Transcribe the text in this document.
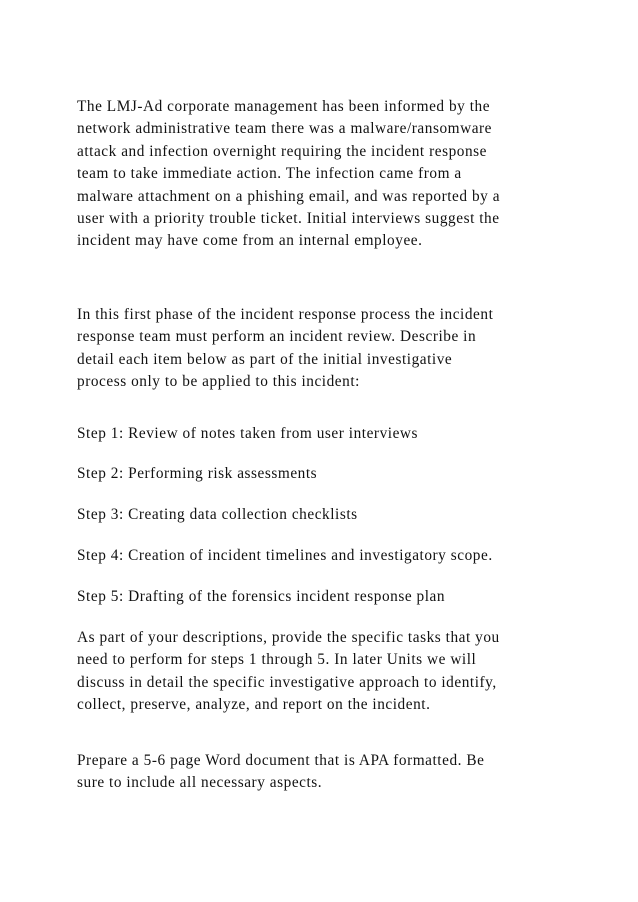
The LMJ-Ad corporate management has been informed by the
network administrative team there was a malware/ransomware
attack and infection overnight requiring the incident response
team to take immediate action. The infection came from a
malware attachment on a phishing email, and was reported by a
user with a priority trouble ticket. Initial interviews suggest the
incident may have come from an internal employee.

In this first phase of the incident response process the incident
response team must perform an incident review. Describe in
detail each item below as part of the initial investigative
process only to be applied to this incident:

Step 1: Review of notes taken from user interviews

Step 2: Performing risk assessments

Step 3: Creating data collection checklists

Step 4: Creation of incident timelines and investigatory scope.

Step 5: Drafting of the forensics incident response plan

As part of your descriptions, provide the specific tasks that you
need to perform for steps 1 through 5. In later Units we will
discuss in detail the specific investigative approach to identify,
collect, preserve, analyze, and report on the incident.

Prepare a 5-6 page Word document that is APA formatted. Be
sure to include all necessary aspects.
